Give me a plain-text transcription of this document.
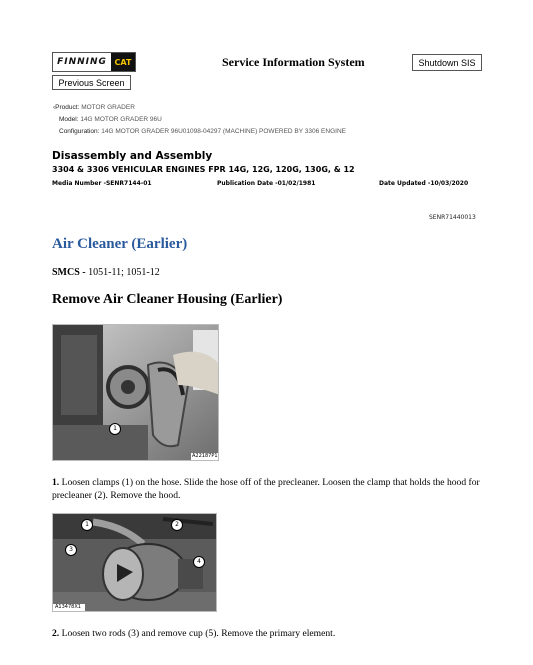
FINNING CAT	Service Information System	Shutdown SIS
Previous Screen
‹Product: MOTOR GRADER
Model: 14G MOTOR GRADER 96U
Configuration: 14G MOTOR GRADER 96U01098-04297 (MACHINE) POWERED BY 3306 ENGINE
Disassembly and Assembly
3304 & 3306 VEHICULAR ENGINES FPR 14G, 12G, 120G, 130G, & 12
Media Number -SENR7144-01	Publication Date -01/02/1981	Date Updated -10/03/2020
SENR71440013
Air Cleaner (Earlier)
SMCS - 1051-11; 1051-12
Remove Air Cleaner Housing (Earlier)
1
A22187P1
1. Loosen clamps (1) on the hose. Slide the hose off of the precleaner. Loosen the clamp that holds the hood for precleaner (2). Remove the hood.
1	2
3
4
A13478X1
2. Loosen two rods (3) and remove cup (5). Remove the primary element.
